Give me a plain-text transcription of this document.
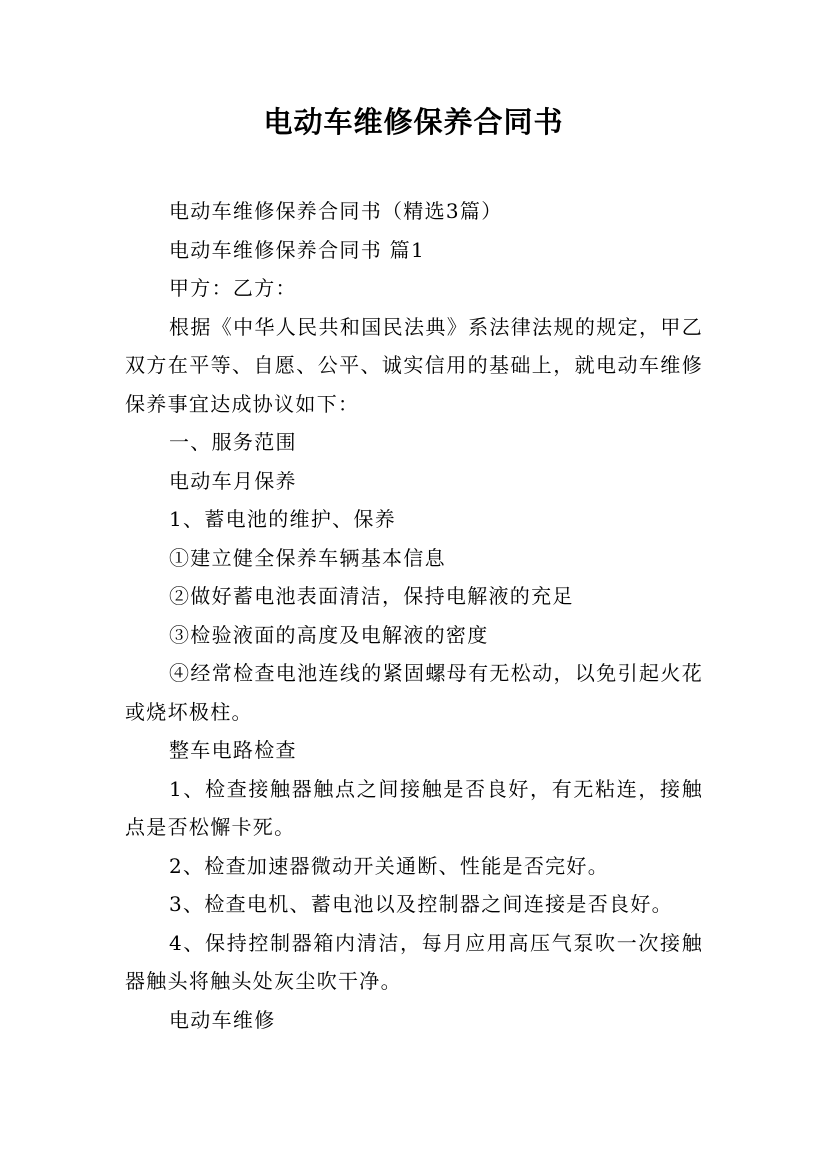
电动车维修保养合同书

电动车维修保养合同书（精选3篇）

电动车维修保养合同书 篇1

甲方：乙方：

根据《中华人民共和国民法典》系法律法规的规定，甲乙双方在平等、自愿、公平、诚实信用的基础上，就电动车维修保养事宜达成协议如下：

一、服务范围

电动车月保养

1、蓄电池的维护、保养

①建立健全保养车辆基本信息

②做好蓄电池表面清洁，保持电解液的充足

③检验液面的高度及电解液的密度

④经常检查电池连线的紧固螺母有无松动，以免引起火花或烧坏极柱。

整车电路检查

1、检查接触器触点之间接触是否良好，有无粘连，接触点是否松懈卡死。

2、检查加速器微动开关通断、性能是否完好。

3、检查电机、蓄电池以及控制器之间连接是否良好。

4、保持控制器箱内清洁，每月应用高压气泵吹一次接触器触头将触头处灰尘吹干净。

电动车维修
